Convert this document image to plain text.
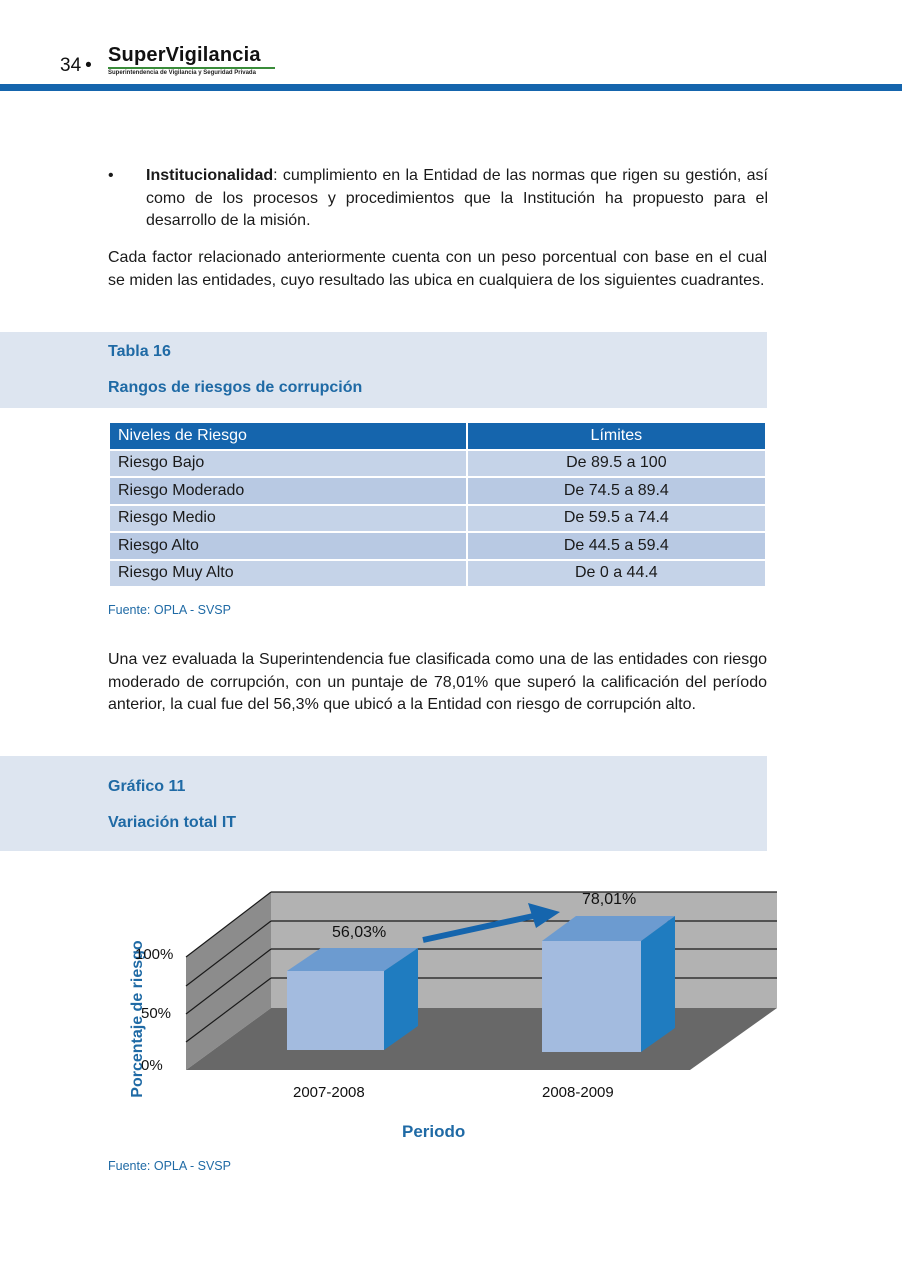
34 • SuperVigilancia
Superintendencia de Vigilancia y Seguridad Privada
• Institucionalidad: cumplimiento en la Entidad de las normas que rigen su gestión, así como de los procesos y procedimientos que la Institución ha propuesto para el desarrollo de la misión.
Cada factor relacionado anteriormente cuenta con un peso porcentual con base en el cual se miden las entidades, cuyo resultado las ubica en cualquiera de los siguientes cuadrantes.
Tabla 16
Rangos de riesgos de corrupción
Niveles de Riesgo	Límites
Riesgo Bajo	De 89.5 a 100
Riesgo Moderado	De 74.5 a 89.4
Riesgo Medio	De 59.5 a 74.4
Riesgo Alto	De 44.5 a 59.4
Riesgo Muy Alto	De 0 a 44.4
Fuente: OPLA - SVSP
Una vez evaluada la Superintendencia fue clasificada como una de las entidades con riesgo moderado de corrupción, con un puntaje de 78,01% que superó la calificación del período anterior, la cual fue del 56,3% que ubicó a la Entidad con riesgo de corrupción alto.
Gráfico 11
Variación total IT
Porcentaje de riesgo
100%
50%
0%
56,03%
78,01%
2007-2008	2008-2009
Periodo
Fuente: OPLA - SVSP
